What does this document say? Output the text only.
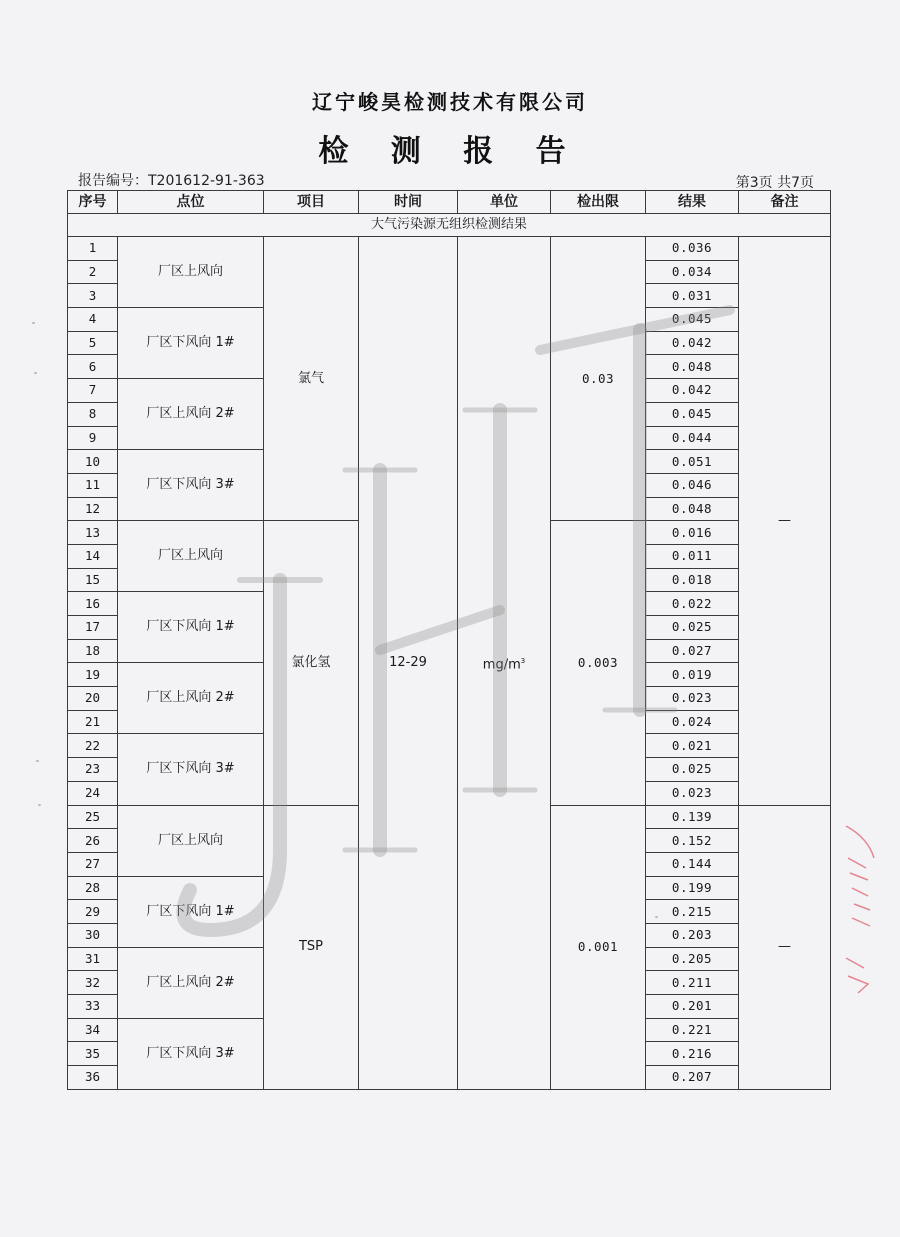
辽宁峻昊检测技术有限公司
检 测 报 告
报告编号：T201612-91-363	第3页 共7页
序号	点位	项目	时间	单位	检出限	结果	备注
大气污染源无组织检测结果							
1	厂区上风向	氯气	12-29	$mg/m^3$	0.03	0.036	—
2						0.034	
3						0.031	
4	厂区下风向 1#					0.045	
5						0.042	
6						0.048	
7	厂区上风向 2#					0.042	
8						0.045	
9						0.044	
10	厂区下风向 3#					0.051	
11						0.046	
12						0.048	
13	厂区上风向	氯化氢			0.003	0.016	
14						0.011	
15						0.018	
16	厂区下风向 1#					0.022	
17						0.025	
18						0.027	
19	厂区上风向 2#					0.019	
20						0.023	
21						0.024	
22	厂区下风向 3#					0.021	
23						0.025	
24						0.023	
25	厂区上风向	TSP			0.001	0.139	—
26						0.152	
27						0.144	
28	厂区下风向 1#					0.199	
29						0.215	
30						0.203	
31	厂区上风向 2#					0.205	
32						0.211	
33						0.201	
34	厂区下风向 3#					0.221	
35						0.216	
36						0.207	
